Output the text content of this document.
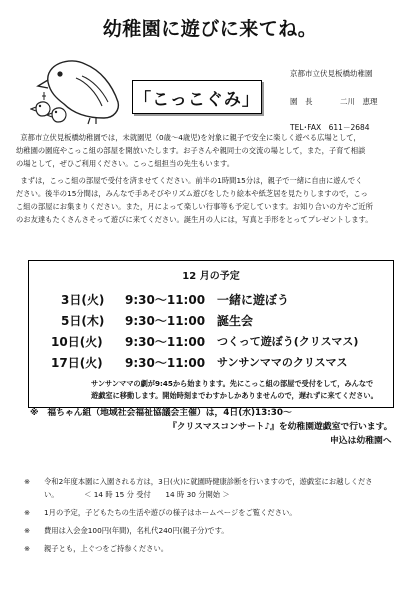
幼稚園に遊びに来てね。
「こっこぐみ」
京都市立伏見板橋幼稚園
園　長	二川　恵理
TEL･FAX　611－2684

京都市立伏見板橋幼稚園では，未就園児（0歳～4歳児)を対象に親子で安全に楽しく遊べる広場として，

幼稚園の園庭やこっこ組の部屋を開放いたします。お子さんや親同士の交流の場として，また，子育て相談

の場として，ぜひご利用ください。こっこ組担当の先生もいます。

まずは，こっこ組の部屋で受付を済ませてください。前半の1時間15分は，親子で一緒に自由に遊んでく

ださい。後半の15分間は，みんなで手あそびやリズム遊びをしたり絵本や紙芝居を見たりしますので，こっ

こ組の部屋にお集まりください。また，月によって楽しい行事等も予定しています。お知り合いの方やご近所

のお友達もたくさんさそって遊びに来てください。誕生月の人には，写真と手形をとってプレゼントします。

12 月の予定
3日(火) 9:30～11:00 一緒に遊ぼう
5日(木) 9:30～11:00 誕生会
10日(火) 9:30～11:00 つくって遊ぼう(クリスマス)
17日(火) 9:30～11:00 サンサンママのクリスマス
サンサンママの劇が9:45から始まります。先にこっこ組の部屋で受付をして，みんなで
遊戯室に移動します。開始時刻までわすかしかありませんので，遅れずに来てください。
※　福ちゃん組（地域社会福祉協議会主催）は，4日(水)13:30～
『クリスマスコンサート♪』を幼稚園遊戯室で行います。
申込は幼稚園へ
※ 令和2年度本園に入園される方は，3日(火)に就園時健康診断を行いますので，遊戯室にお越しくださ
い。　　　　＜ 14 時 15 分 受付　　14 時 30 分開始 ＞
※ 1月の予定，子どもたちの生活や遊びの様子はホームページをご覧ください。
※ 費用は入会金100円(年間)，名札代240円(親子分)です。
※ 親子とも，上ぐつをご持参ください。
